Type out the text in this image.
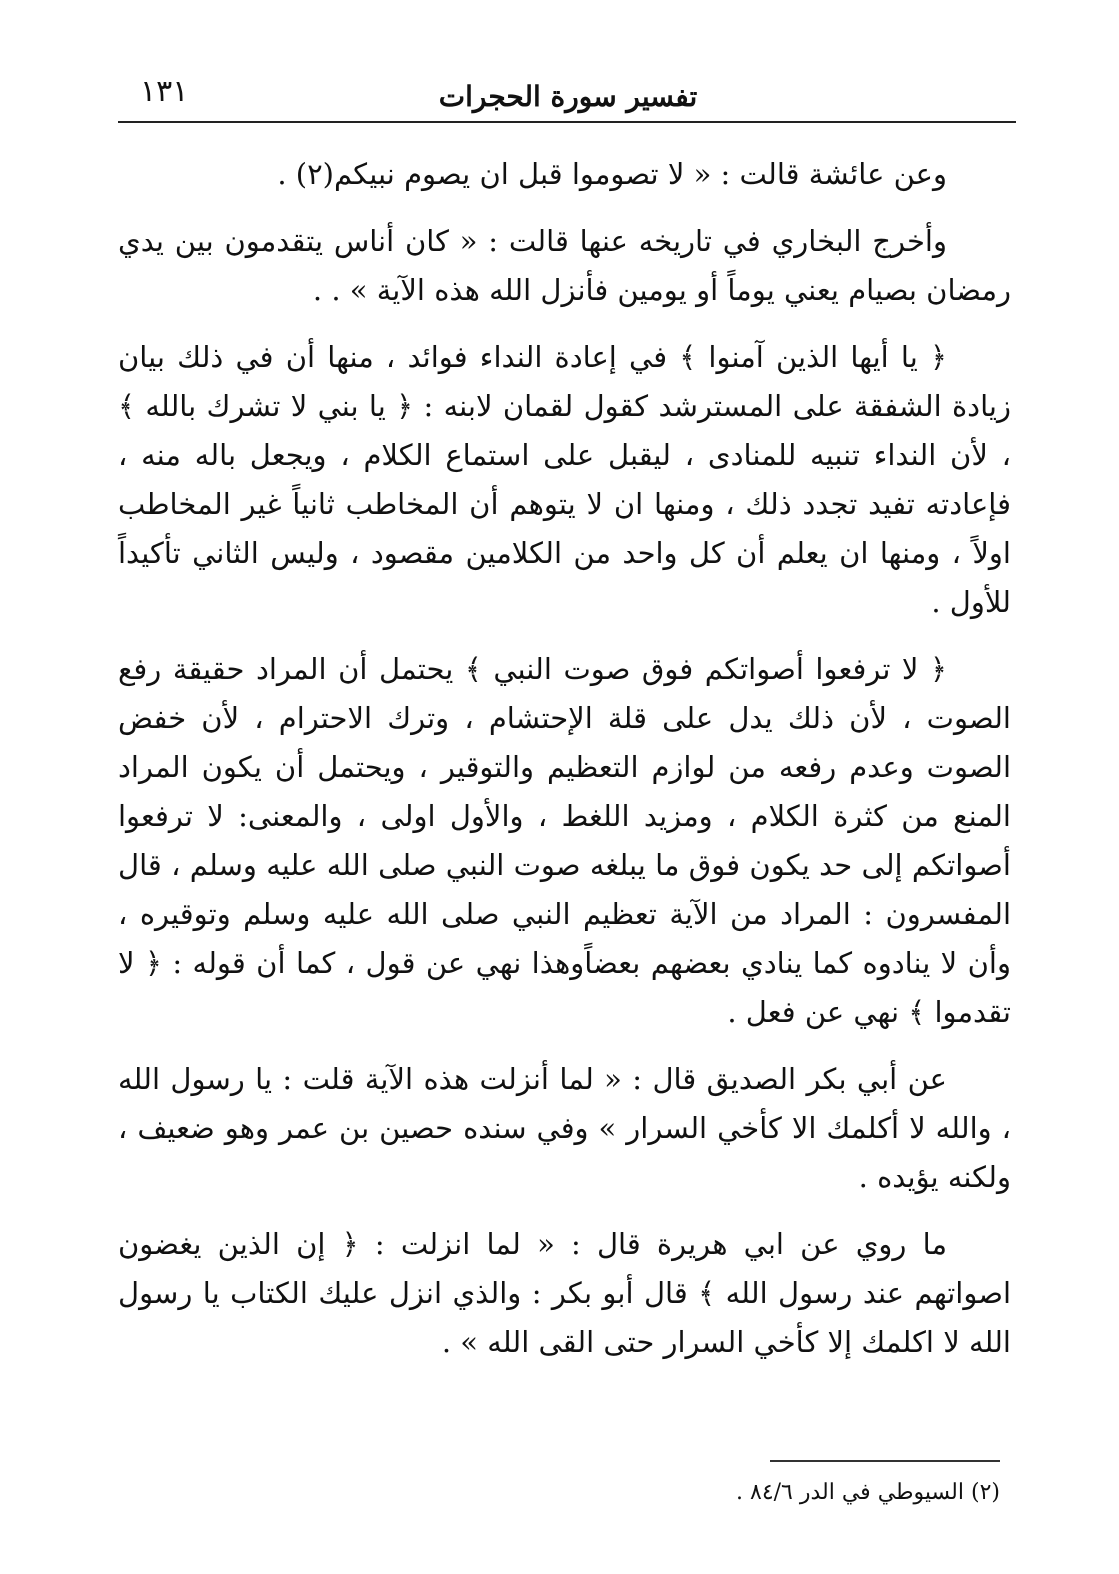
١٣١	تفسير سورة الحجرات

وعن عائشة قالت : « لا تصوموا قبل ان يصوم نبيكم(٢) .

وأخرج البخاري في تاريخه عنها قالت : « كان أناس يتقدمون بين يدي رمضان بصيام يعني يوماً أو يومين فأنزل الله هذه الآية » . .

﴿ يا أيها الذين آمنوا ﴾ في إعادة النداء فوائد ، منها أن في ذلك بيان زيادة الشفقة على المسترشد كقول لقمان لابنه : ﴿ يا بني لا تشرك بالله ﴾ ، لأن النداء تنبيه للمنادى ، ليقبل على استماع الكلام ، ويجعل باله منه ، فإعادته تفيد تجدد ذلك ، ومنها ان لا يتوهم أن المخاطب ثانياً غير المخاطب اولاً ، ومنها ان يعلم أن كل واحد من الكلامين مقصود ، وليس الثاني تأكيداً للأول .

﴿ لا ترفعوا أصواتكم فوق صوت النبي ﴾ يحتمل أن المراد حقيقة رفع الصوت ، لأن ذلك يدل على قلة الإحتشام ، وترك الاحترام ، لأن خفض الصوت وعدم رفعه من لوازم التعظيم والتوقير ، ويحتمل أن يكون المراد المنع من كثرة الكلام ، ومزيد اللغط ، والأول اولى ، والمعنى: لا ترفعوا أصواتكم إلى حد يكون فوق ما يبلغه صوت النبي صلى الله عليه وسلم ، قال المفسرون : المراد من الآية تعظيم النبي صلى الله عليه وسلم وتوقيره ، وأن لا ينادوه كما ينادي بعضهم بعضاًوهذا نهي عن قول ، كما أن قوله : ﴿ لا تقدموا ﴾ نهي عن فعل .

عن أبي بكر الصديق قال : « لما أنزلت هذه الآية قلت : يا رسول الله ، والله لا أكلمك الا كأخي السرار » وفي سنده حصين بن عمر وهو ضعيف ، ولكنه يؤيده .

ما روي عن ابي هريرة قال : « لما انزلت : ﴿ إن الذين يغضون اصواتهم عند رسول الله ﴾ قال أبو بكر : والذي انزل عليك الكتاب يا رسول الله لا اكلمك إلا كأخي السرار حتى القى الله » .

(٢) السيوطي في الدر ٨٤/٦ .
